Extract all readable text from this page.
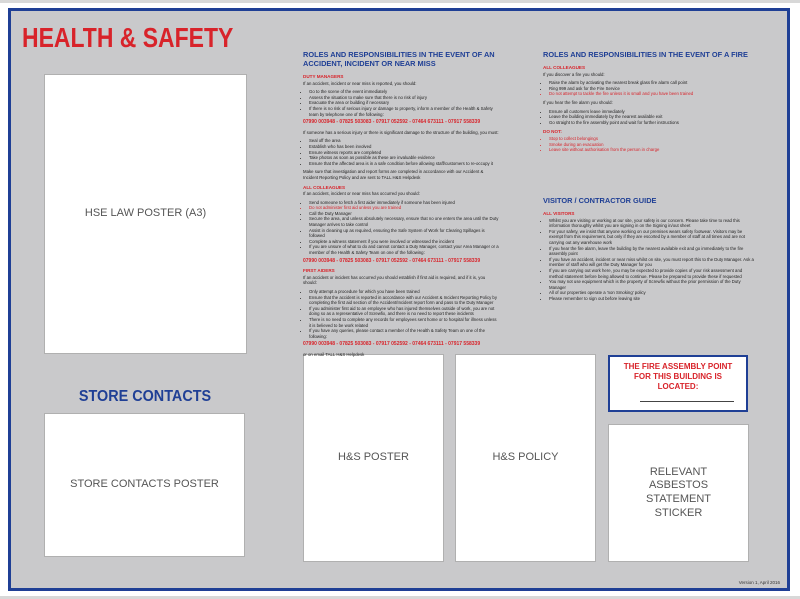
HEALTH & SAFETY
HSE LAW POSTER (A3)
STORE CONTACTS
STORE CONTACTS POSTER
H&S POSTER	H&S POLICY
RELEVANT ASBESTOS STATEMENT STICKER
THE FIRE ASSEMBLY POINT FOR THIS BUILDING IS LOCATED:
ROLES AND RESPONSIBILITIES IN THE EVENT OF AN ACCIDENT, INCIDENT OR NEAR MISS
DUTY MANAGERS

If an accident, incident or near miss is reported, you should:

• Go to the scene of the event immediately
• Assess the situation to make sure that there is no risk of injury
• Evacuate the area or building if necessary
• If there is no risk of serious injury or damage to property, inform a member of the Health & Safety team by telephone one of the following:
07990 003948 - 07825 503083 - 07917 052592 - 07464 673111 - 07917 558339

If someone has a serious injury or there is significant damage to the structure of the building, you must:

• Seal off the area
• Establish who has been involved
• Ensure witness reports are completed
• Take photos as soon as possible as these are invaluable evidence
• Ensure that the affected area is in a safe condition before allowing staff/customers to re-occupy it

Make sure that investigation and report forms are completed in accordance with our Accident & Incident Reporting Policy and are sent to TALL H&S Helpdesk

ALL COLLEAGUES

If an accident, incident or near miss has occurred you should:

• Send someone to fetch a first aider immediately if someone has been injured
• Do not administer first aid unless you are trained
• Call the Duty Manager
• Secure the area, and unless absolutely necessary, ensure that no one enters the area until the Duty Manager arrives to take control
• Assist in cleaning up as required, ensuring the Safe System of Work for Clearing Spillages is followed
• Complete a witness statement if you were involved or witnessed the incident
• If you are unsure of what to do and cannot contact a Duty Manager, contact your Area Manager or a member of the Health & Safety Team on one of the following:
07990 003948 - 07825 503083 - 07917 052592 - 07464 673111 - 07917 558339
FIRST AIDERS

If an accident or incident has occurred you should establish if first aid is required, and if it is, you should:

• Only attempt a procedure for which you have been trained
• Ensure that the accident is reported in accordance with our Accident & Incident Reporting Policy by completing the first aid section of the Accident/Incident report form and pass to the Duty Manager
• If you administer first aid to an employee who has injured themselves outside of work, you are not doing so as a representative of Screwfix, and there is no need to report these incidents
• There is no need to complete any records for employees sent home or to hospital for illness unless it is believed to be work related
• If you have any queries, please contact a member of the Health & Safety Team on one of the following:
07990 003948 - 07825 503083 - 07917 052592 - 07464 673111 - 07917 558339

or on email TALL H&S Helpdesk

ROLES AND RESPONSIBILITIES IN THE EVENT OF A FIRE
ALL COLLEAGUES

If you discover a fire you should:

• Raise the alarm by activating the nearest break glass fire alarm call point
• Ring 999 and ask for the Fire Service
• Do not attempt to tackle the fire unless it is small and you have been trained

If you hear the fire alarm you should:

• Ensure all customers leave immediately
• Leave the building immediately by the nearest available exit
• Go straight to the fire assembly point and wait for further instructions
DO NOT:
• Stop to collect belongings
• Smoke during an evacuation
• Leave site without authorisation from the person in charge
VISITOR / CONTRACTOR GUIDE
ALL VISITORS
• Whilst you are visiting or working at our site, your safety is our concern. Please take time to read this information thoroughly whilst you are signing in on the Signing in/out sheet
• For your safety, we insist that anyone working on our premises wears safety footwear. Visitors may be exempt from this requirement, but only if they are escorted by a member of staff at all times and are not carrying out any warehouse work
• If you hear the fire alarm, leave the building by the nearest available exit and go immediately to the fire assembly point
• If you have an accident, incident or near miss whilst on site, you must report this to the Duty Manager. Ask a member of staff who will get the Duty Manager for you
• If you are carrying out work here, you may be expected to provide copies of your risk assessment and method statement before being allowed to continue. Please be prepared to provide these if requested
• You may not use equipment which is the property of Screwfix without the prior permission of the Duty Manager
• All of our properties operate a 'non Smoking' policy
• Please remember to sign out before leaving site
Version 1, April 2016
